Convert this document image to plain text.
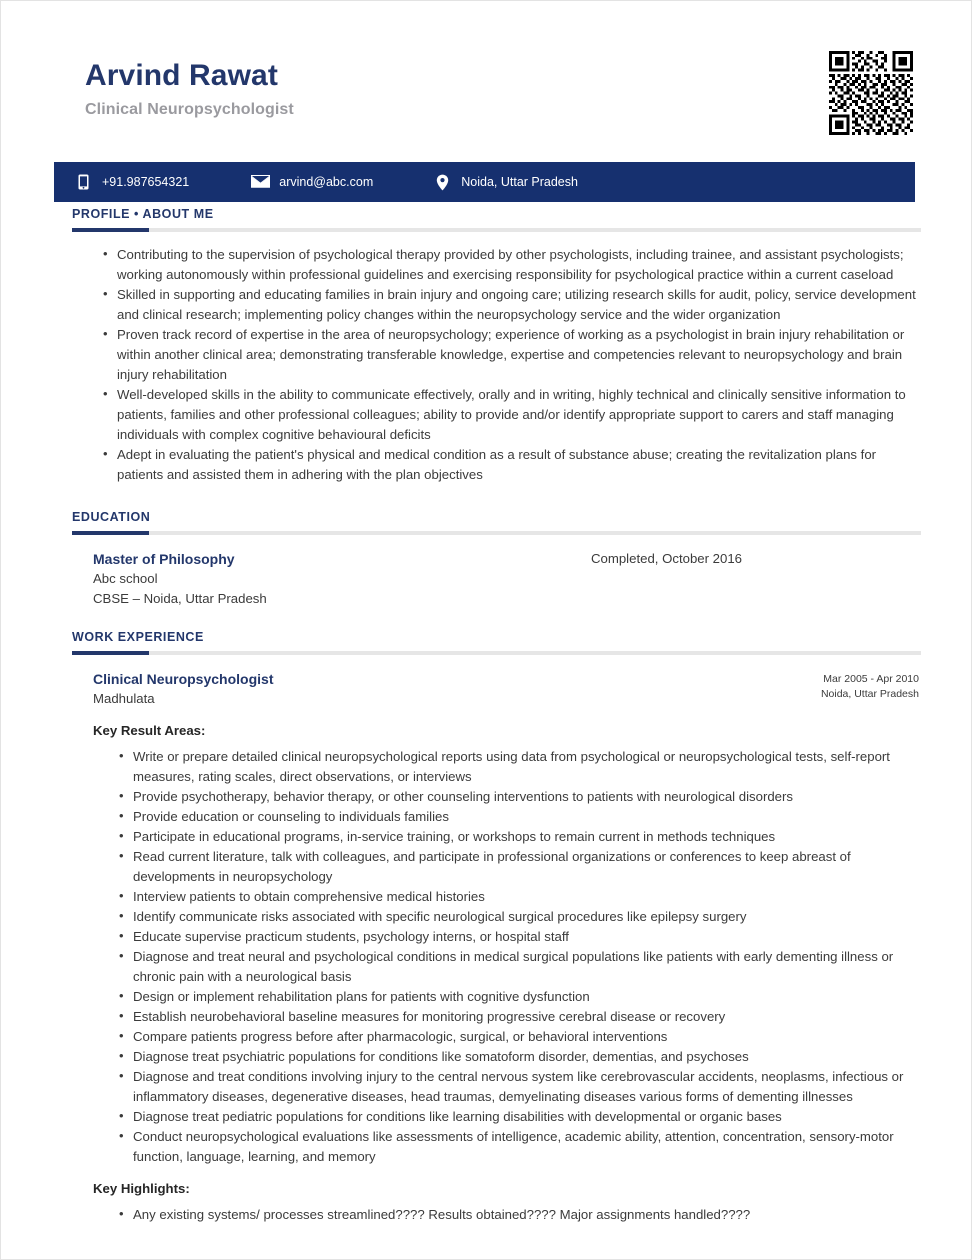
Arvind Rawat
Clinical Neuropsychologist
+91.987654321	arvind@abc.com	Noida, Uttar Pradesh
PROFILE • ABOUT ME
• Contributing to the supervision of psychological therapy provided by other psychologists, including trainee, and assistant psychologists; working autonomously within professional guidelines and exercising responsibility for psychological practice within a current caseload
• Skilled in supporting and educating families in brain injury and ongoing care; utilizing research skills for audit, policy, service development and clinical research; implementing policy changes within the neuropsychology service and the wider organization
• Proven track record of expertise in the area of neuropsychology; experience of working as a psychologist in brain injury rehabilitation or within another clinical area; demonstrating transferable knowledge, expertise and competencies relevant to neuropsychology and brain injury rehabilitation
• Well-developed skills in the ability to communicate effectively, orally and in writing, highly technical and clinically sensitive information to patients, families and other professional colleagues; ability to provide and/or identify appropriate support to carers and staff managing individuals with complex cognitive behavioural deficits
• Adept in evaluating the patient's physical and medical condition as a result of substance abuse; creating the revitalization plans for patients and assisted them in adhering with the plan objectives
EDUCATION
Master of Philosophy
Abc school
CBSE – Noida, Uttar Pradesh
Completed, October 2016
WORK EXPERIENCE
Clinical Neuropsychologist
Madhulata
Mar 2005 - Apr 2010
Noida, Uttar Pradesh
Key Result Areas:
• Write or prepare detailed clinical neuropsychological reports using data from psychological or neuropsychological tests, self-report measures, rating scales, direct observations, or interviews
• Provide psychotherapy, behavior therapy, or other counseling interventions to patients with neurological disorders
• Provide education or counseling to individuals families
• Participate in educational programs, in-service training, or workshops to remain current in methods techniques
• Read current literature, talk with colleagues, and participate in professional organizations or conferences to keep abreast of developments in neuropsychology
• Interview patients to obtain comprehensive medical histories
• Identify communicate risks associated with specific neurological surgical procedures like epilepsy surgery
• Educate supervise practicum students, psychology interns, or hospital staff
• Diagnose and treat neural and psychological conditions in medical surgical populations like patients with early dementing illness or chronic pain with a neurological basis
• Design or implement rehabilitation plans for patients with cognitive dysfunction
• Establish neurobehavioral baseline measures for monitoring progressive cerebral disease or recovery
• Compare patients progress before after pharmacologic, surgical, or behavioral interventions
• Diagnose treat psychiatric populations for conditions like somatoform disorder, dementias, and psychoses
• Diagnose and treat conditions involving injury to the central nervous system like cerebrovascular accidents, neoplasms, infectious or inflammatory diseases, degenerative diseases, head traumas, demyelinating diseases various forms of dementing illnesses
• Diagnose treat pediatric populations for conditions like learning disabilities with developmental or organic bases
• Conduct neuropsychological evaluations like assessments of intelligence, academic ability, attention, concentration, sensory-motor function, language, learning, and memory
Key Highlights:
• Any existing systems/ processes streamlined???? Results obtained???? Major assignments handled????
